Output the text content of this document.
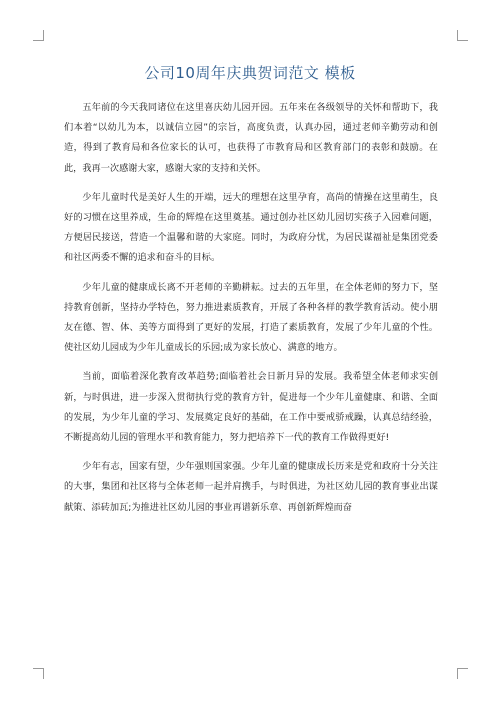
公司10周年庆典贺词范文 模板

五年前的今天我同诸位在这里喜庆幼儿园开园。五年来在各级领导的关怀和帮助下，我们本着“以幼儿为本，以诚信立园”的宗旨，高度负责，认真办园，通过老师辛勤劳动和创造，得到了教育局和各位家长的认可，也获得了市教育局和区教育部门的表彰和鼓励。在此，我再一次感谢大家，感谢大家的支持和关怀。

少年儿童时代是美好人生的开端，远大的理想在这里孕育，高尚的情操在这里萌生，良好的习惯在这里养成，生命的辉煌在这里奠基。通过创办社区幼儿园切实孩子入园难问题，方便居民接送，营造一个温馨和谐的大家庭。同时，为政府分忧，为居民谋福祉是集团党委和社区两委不懈的追求和奋斗的目标。

少年儿童的健康成长离不开老师的辛勤耕耘。过去的五年里，在全体老师的努力下，坚持教育创新，坚持办学特色，努力推进素质教育，开展了各种各样的教学教育活动。使小朋友在德、智、体、美等方面得到了更好的发展，打造了素质教育，发展了少年儿童的个性。使社区幼儿园成为少年儿童成长的乐园;成为家长放心、满意的地方。

当前，面临着深化教育改革趋势;面临着社会日新月异的发展。我希望全体老师求实创新，与时俱进，进一步深入贯彻执行党的教育方针，促进每一个少年儿童健康、和谐、全面的发展，为少年儿童的学习、发展奠定良好的基础，在工作中要戒骄戒躁，认真总结经验，不断提高幼儿园的管理水平和教育能力，努力把培养下一代的教育工作做得更好!

少年有志，国家有望，少年强则国家强。少年儿童的健康成长历来是党和政府十分关注的大事，集团和社区将与全体老师一起并肩携手，与时俱进，为社区幼儿园的教育事业出谋献策、添砖加瓦;为推进社区幼儿园的事业再谱新乐章、再创新辉煌而奋
